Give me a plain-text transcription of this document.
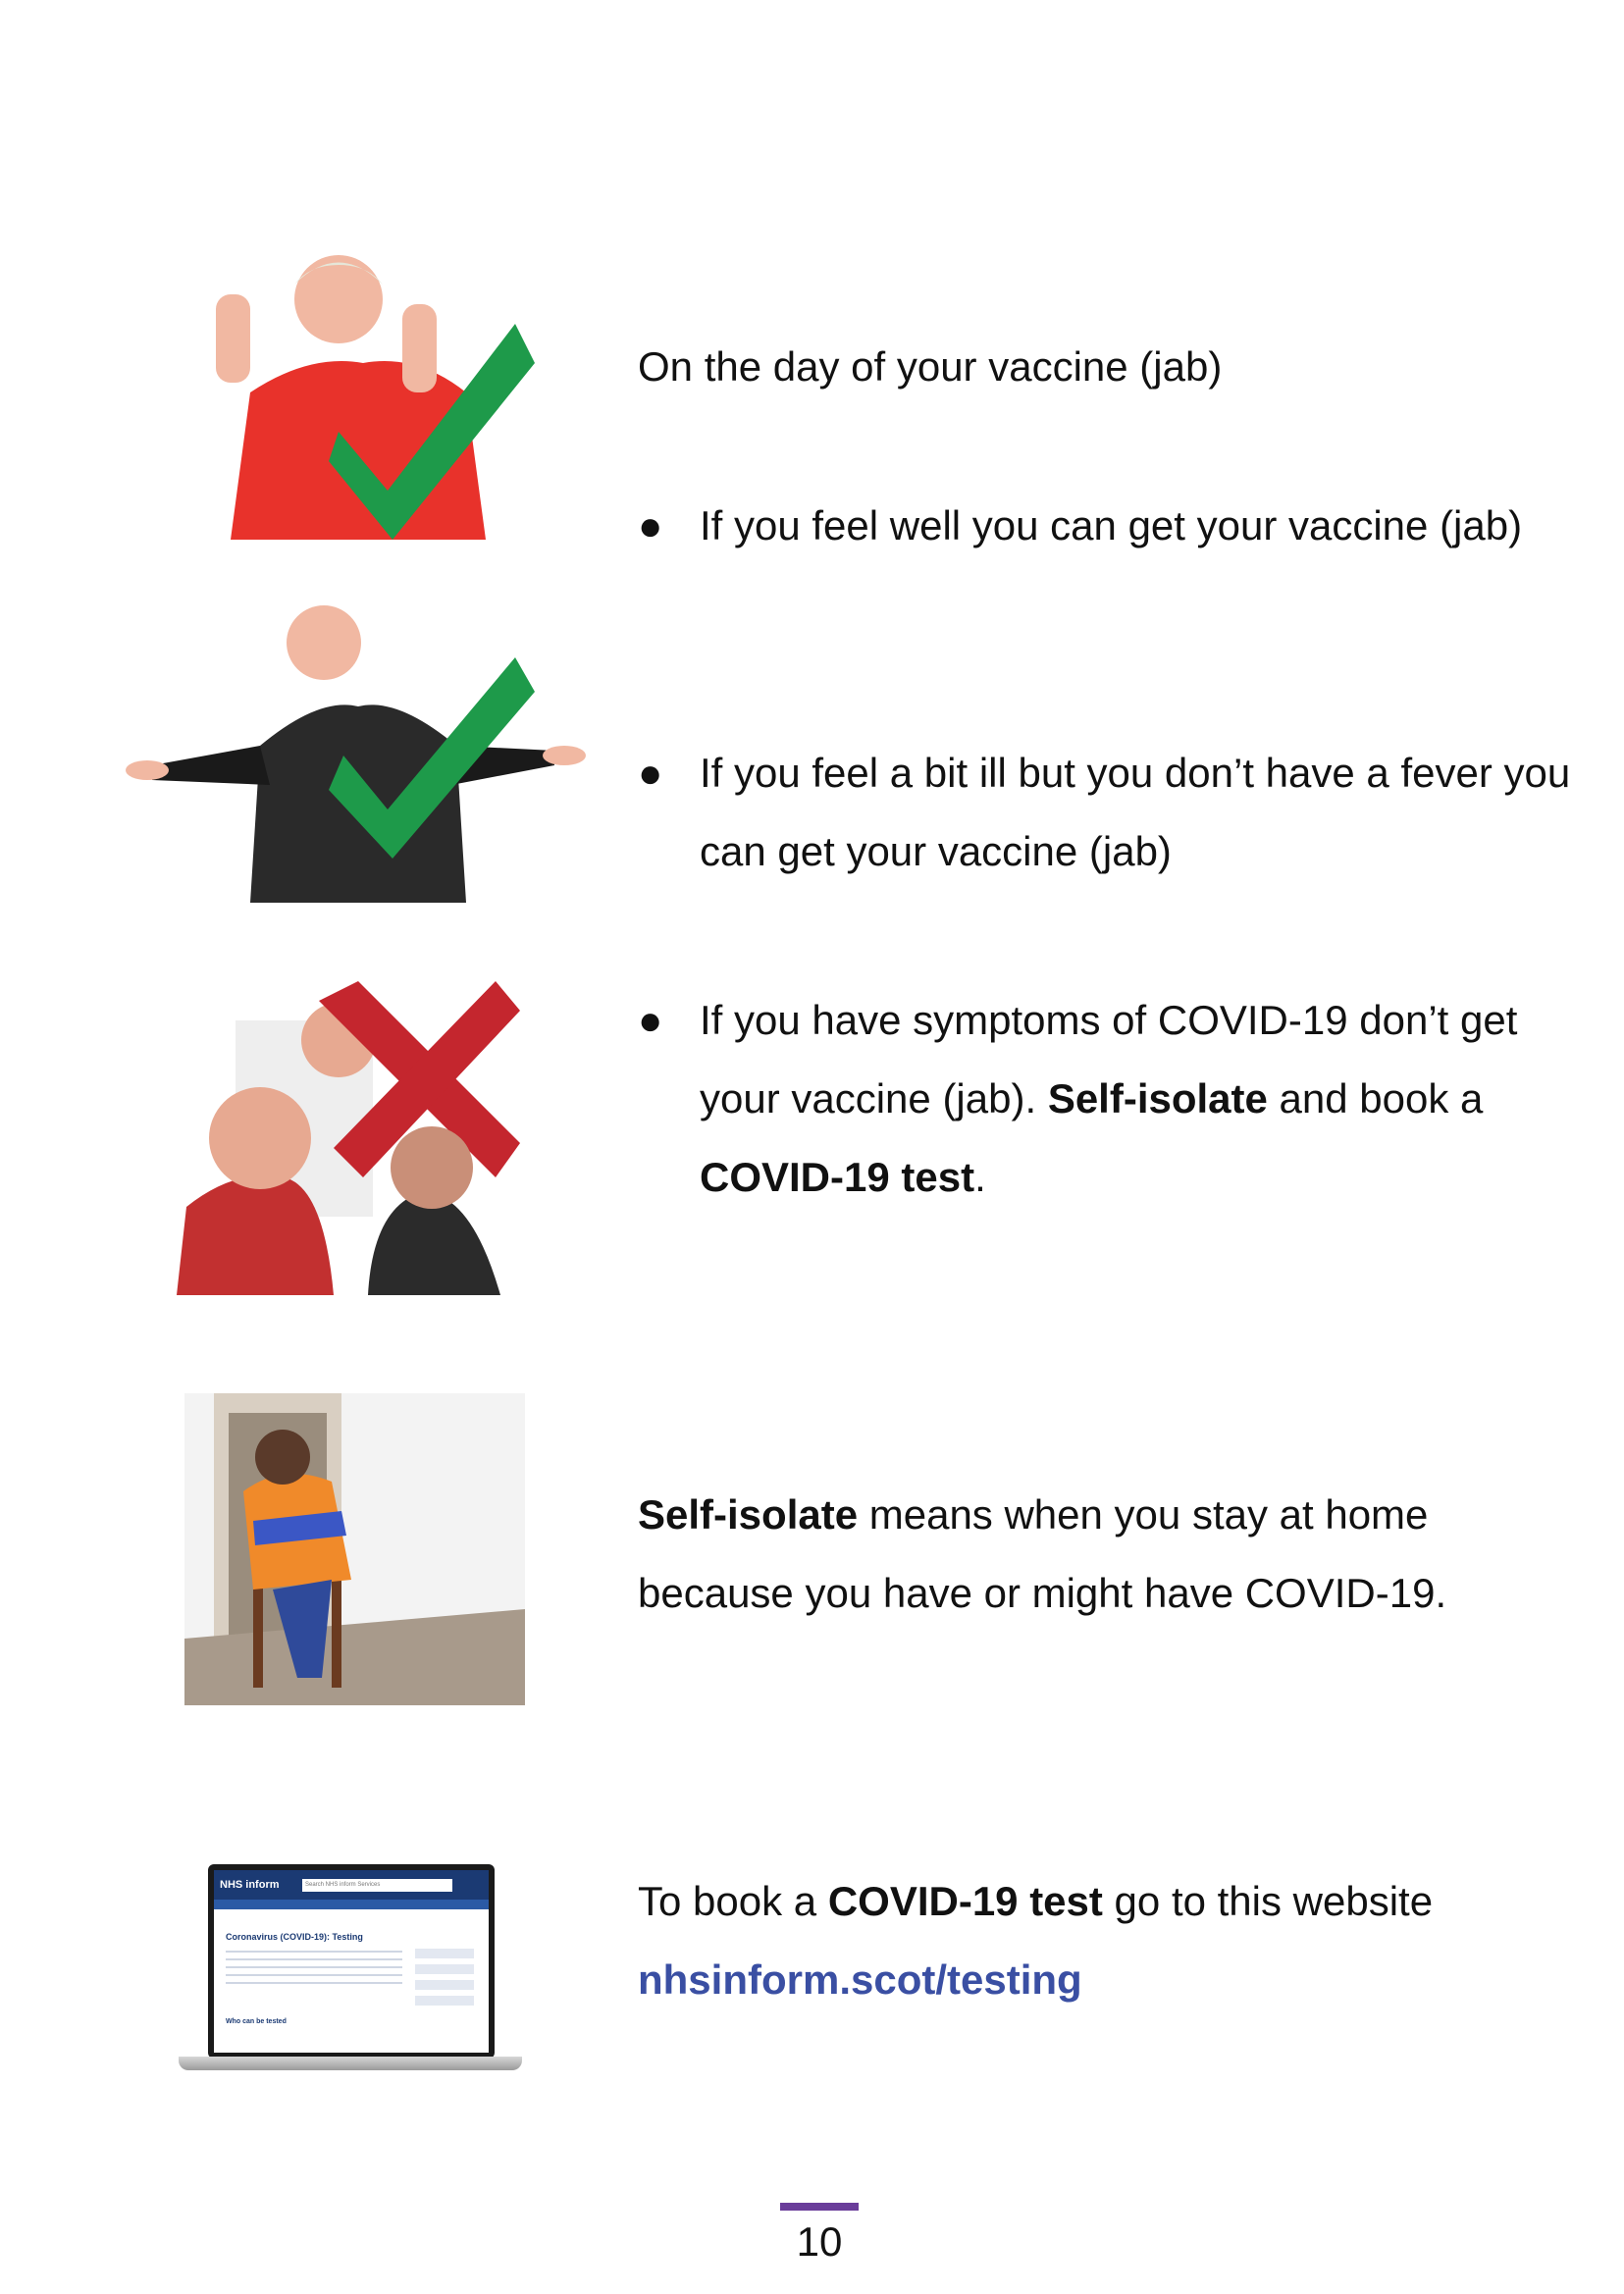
NHS inform	Search NHS inform Services
Coronavirus (COVID-19): Testing
Who can be tested
On the day of your vaccine (jab)
● If you feel well you can get your vaccine (jab)
● If you feel a bit ill but you don’t have a fever you can get your vaccine (jab)
● If you have symptoms of COVID-19 don’t get your vaccine (jab). Self-isolate and book a COVID-19 test.
Self-isolate means when you stay at home because you have or might have COVID-19.
To book a COVID-19 test go to this website
nhsinform.scot/testing
10
